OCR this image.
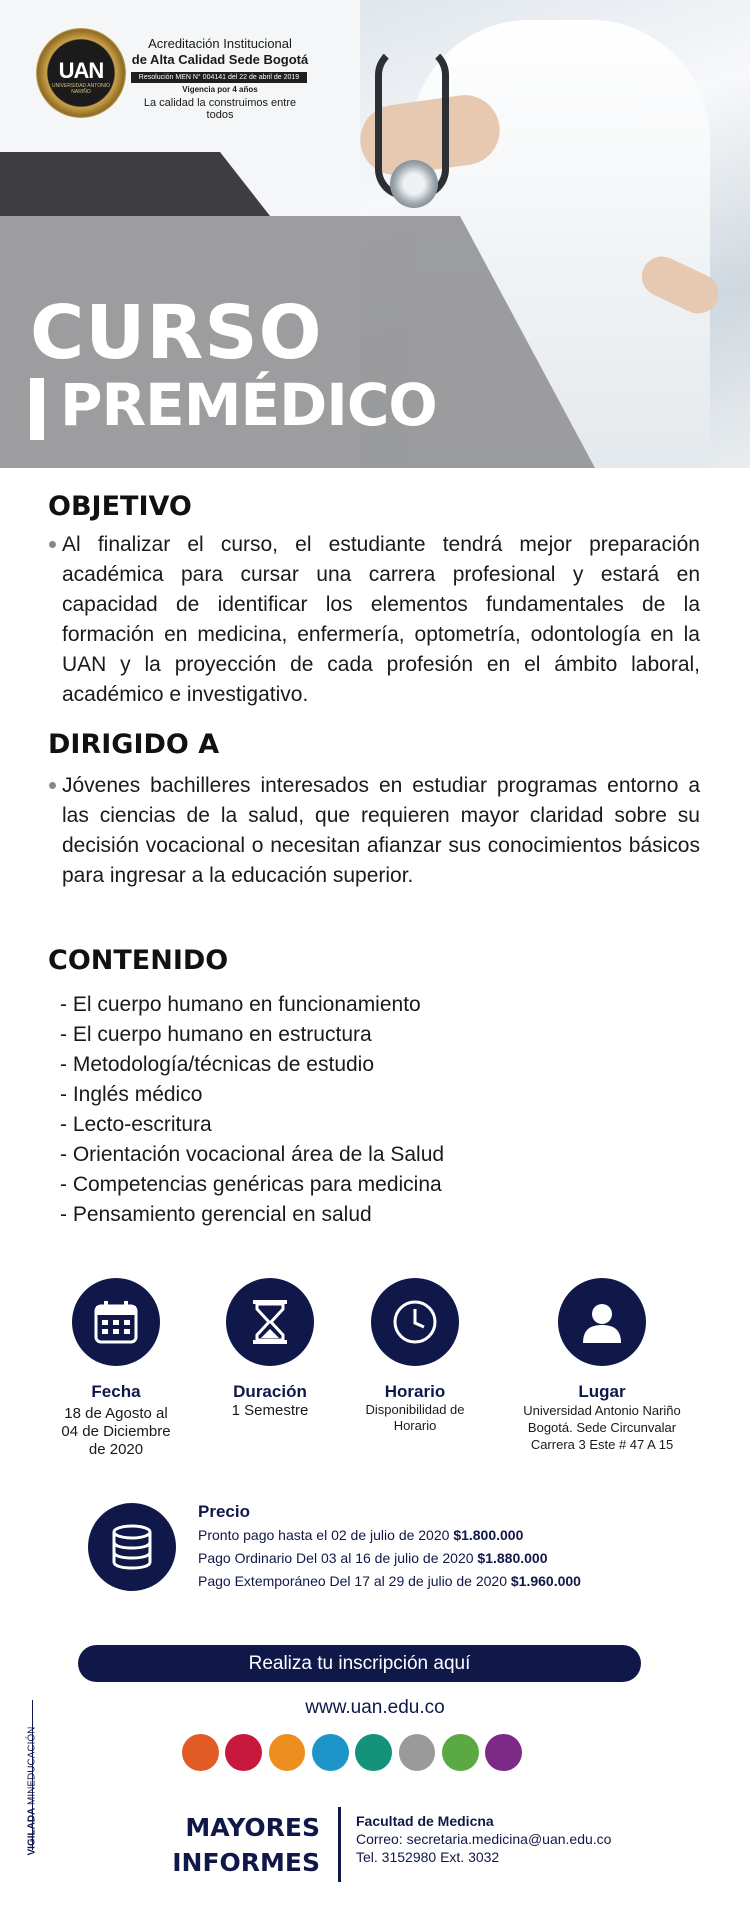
UAN
UNIVERSIDAD ANTONIO NARIÑO
Acreditación Institucional
de Alta Calidad Sede Bogotá
Resolución MEN N° 004141 del 22 de abril de 2019
Vigencia por 4 años
La calidad la construimos entre todos
CURSO
PREMÉDICO
OBJETIVO
Al finalizar el curso, el estudiante tendrá mejor preparación académica para cursar una carrera profesional y estará en capacidad de identificar los elementos fundamentales de la formación en medicina, enfermería, optometría, odontología en la UAN y la proyección de cada profesión en el ámbito laboral, académico e investigativo.
DIRIGIDO A
Jóvenes bachilleres interesados en estudiar programas entorno a las ciencias de la salud, que requieren mayor claridad sobre su decisión vocacional o necesitan afianzar sus conocimientos básicos para ingresar a la educación superior.
CONTENIDO
- El cuerpo humano en funcionamiento
- El cuerpo humano en estructura
- Metodología/técnicas de estudio
- Inglés médico
- Lecto-escritura
- Orientación vocacional área de la Salud
- Competencias genéricas para medicina
- Pensamiento gerencial en salud
Fecha
18 de Agosto al 04 de Diciembre de 2020
Duración
1 Semestre
Horario
Disponibilidad de Horario
Lugar
Universidad Antonio Nariño Bogotá. Sede Circunvalar Carrera 3 Este # 47 A 15
Precio
Pronto pago hasta el 02 de julio de 2020 $1.800.000
Pago Ordinario Del 03 al 16 de julio de 2020 $1.880.000
Pago Extemporáneo Del 17 al 29 de julio de 2020 $1.960.000
Realiza tu inscripción aquí
www.uan.edu.co
VIGILADA MINEDUCACIÓN
MAYORES
INFORMES
Facultad de Medicna
Correo: secretaria.medicina@uan.edu.co
Tel. 3152980 Ext. 3032
